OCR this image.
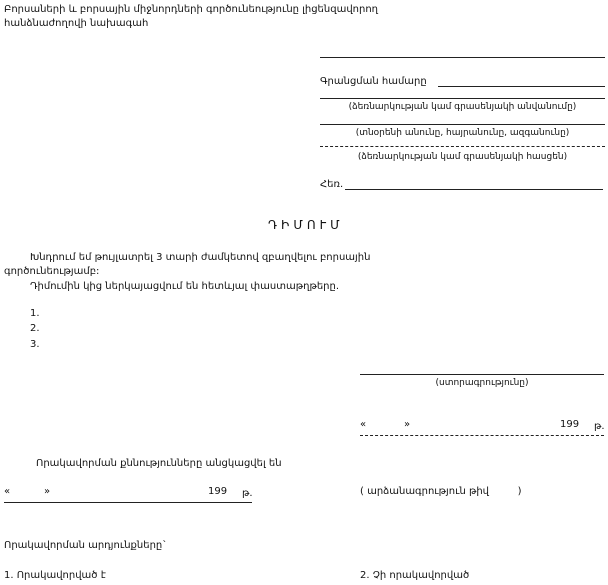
Բորսաների և բորսային միջնորդների գործունեությունը լիցենզավորող
hանձնաժողովի նախագահ
Գրանցման համարը
(ձեռնարկության կամ գրասենյակի անվանումը)
(տնօրենի անունը, հայրանունը, ազգանունը)
(ձեռնարկության կամ գրասենյակի հասցեն)
Հեռ.
ԴԻՄՈՒՄ
Խնդրում եմ թույլատրել 3 տարի ժամկետով զբաղվելու բորսային
գործունեությամբ:
Դիմումին կից ներկայացվում են հետևյալ փաստաթղթերը.
1.
2.
3.
(ստորագրությունը)
«	»	199 թ.
Որակավորման քննությունները անցկացվել են
«	»	199 թ.	( արձանագրություն թիվ         )
Որակավորման արդյունքները`
1. Որակավորված է	2. Չի որակավորված
